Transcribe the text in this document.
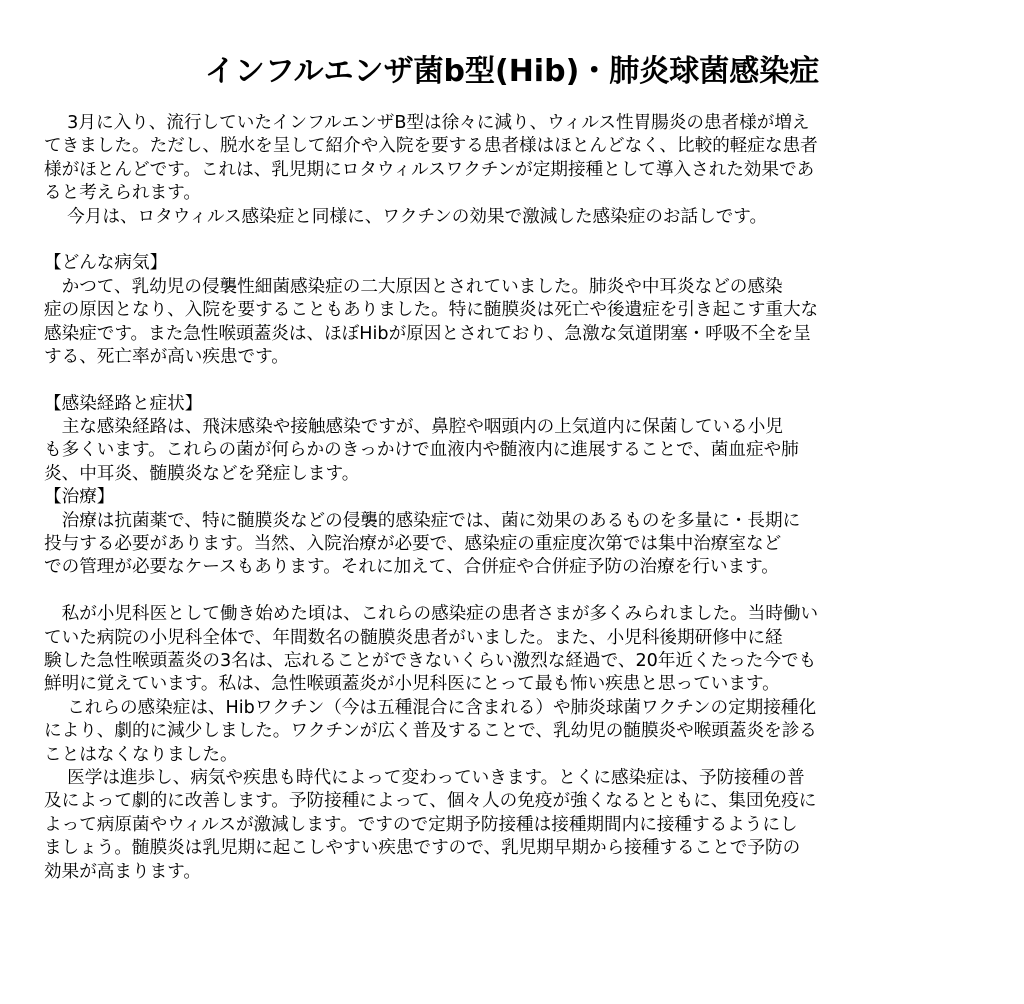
インフルエンザ菌b型(Hib)・肺炎球菌感染症
　 3月に入り、流行していたインフルエンザB型は徐々に減り、ウィルス性胃腸炎の患者様が増え
てきました。ただし、脱水を呈して紹介や入院を要する患者様はほとんどなく、比較的軽症な患者
様がほとんどです。これは、乳児期にロタウィルスワクチンが定期接種として導入された効果であ
ると考えられます。
　 今月は、ロタウィルス感染症と同様に、ワクチンの効果で激減した感染症のお話しです。
【どんな病気】
　かつて、乳幼児の侵襲性細菌感染症の二大原因とされていました。肺炎や中耳炎などの感染
症の原因となり、入院を要することもありました。特に髄膜炎は死亡や後遺症を引き起こす重大な
感染症です。また急性喉頭蓋炎は、ほぼHibが原因とされており、急激な気道閉塞・呼吸不全を呈
する、死亡率が高い疾患です。
【感染経路と症状】
　主な感染経路は、飛沫感染や接触感染ですが、鼻腔や咽頭内の上気道内に保菌している小児
も多くいます。これらの菌が何らかのきっかけで血液内や髄液内に進展することで、菌血症や肺
炎、中耳炎、髄膜炎などを発症します。
【治療】
　治療は抗菌薬で、特に髄膜炎などの侵襲的感染症では、菌に効果のあるものを多量に・長期に
投与する必要があります。当然、入院治療が必要で、感染症の重症度次第では集中治療室など
での管理が必要なケースもあります。それに加えて、合併症や合併症予防の治療を行います。
　私が小児科医として働き始めた頃は、これらの感染症の患者さまが多くみられました。当時働い
ていた病院の小児科全体で、年間数名の髄膜炎患者がいました。また、小児科後期研修中に経
験した急性喉頭蓋炎の3名は、忘れることができないくらい激烈な経過で、20年近くたった今でも
鮮明に覚えています。私は、急性喉頭蓋炎が小児科医にとって最も怖い疾患と思っています。
　 これらの感染症は、Hibワクチン（今は五種混合に含まれる）や肺炎球菌ワクチンの定期接種化
により、劇的に減少しました。ワクチンが広く普及することで、乳幼児の髄膜炎や喉頭蓋炎を診る
ことはなくなりました。
　 医学は進歩し、病気や疾患も時代によって変わっていきます。とくに感染症は、予防接種の普
及によって劇的に改善します。予防接種によって、個々人の免疫が強くなるとともに、集団免疫に
よって病原菌やウィルスが激減します。ですので定期予防接種は接種期間内に接種するようにし
ましょう。髄膜炎は乳児期に起こしやすい疾患ですので、乳児期早期から接種することで予防の
効果が高まります。
